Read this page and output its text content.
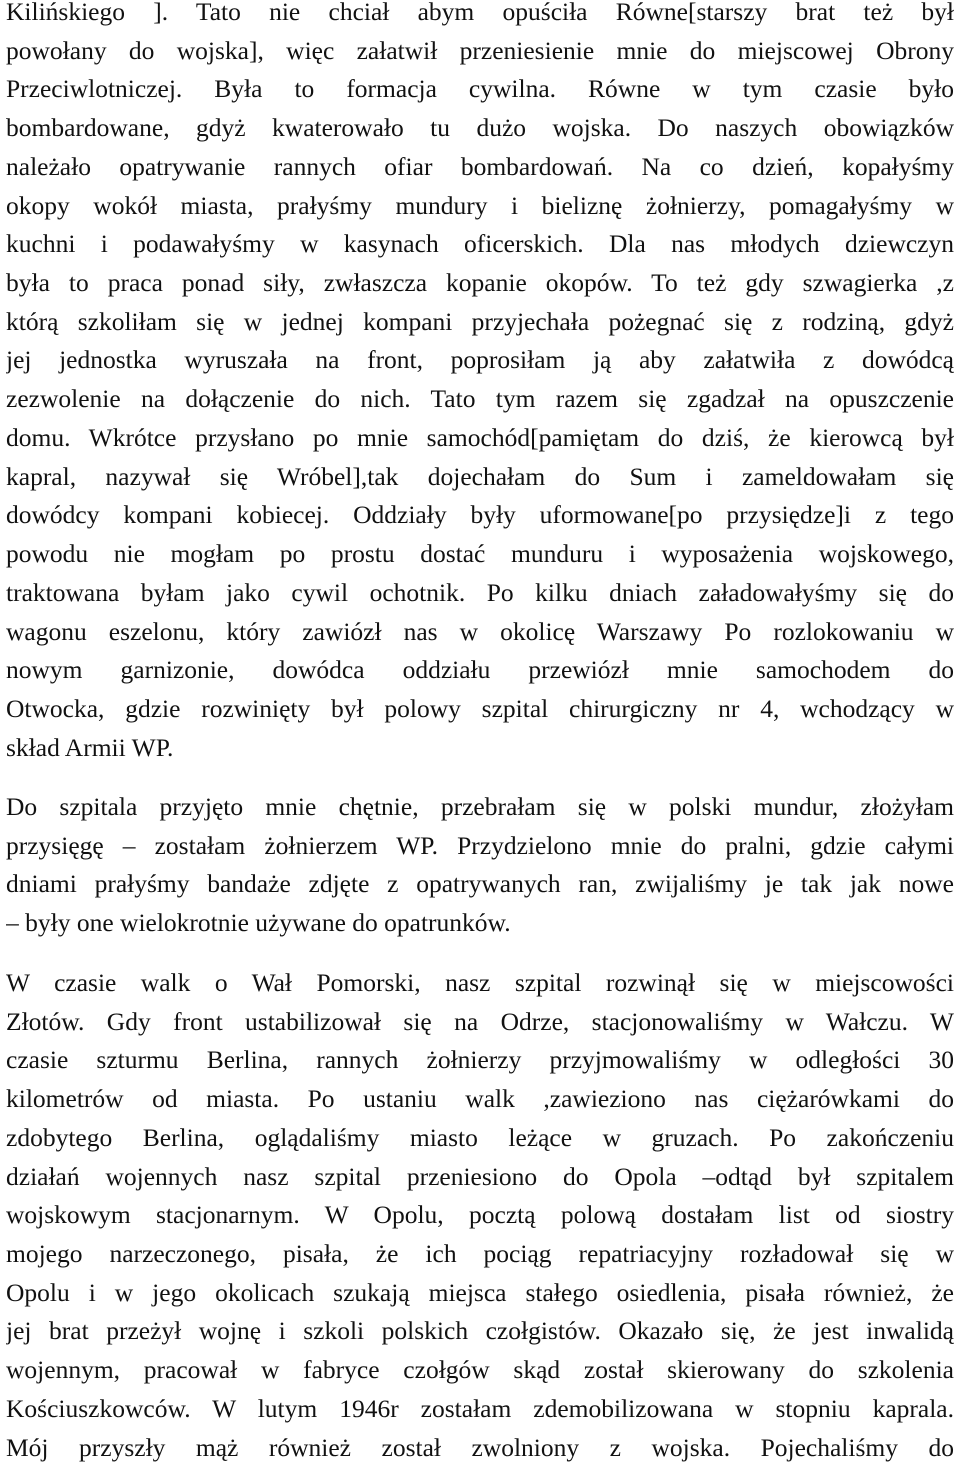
Kilińskiego ]. Tato nie chciał abym opuściła Równe[starszy brat też był
powołany do wojska], więc załatwił przeniesienie mnie do miejscowej Obrony
Przeciwlotniczej. Była to formacja cywilna. Równe w tym czasie było
bombardowane, gdyż kwaterowało tu dużo wojska. Do naszych obowiązków
należało opatrywanie rannych ofiar bombardowań. Na co dzień, kopałyśmy
okopy wokół miasta, prałyśmy mundury i bieliznę żołnierzy, pomagałyśmy w
kuchni i podawałyśmy w kasynach oficerskich. Dla nas młodych dziewczyn
była to praca ponad siły, zwłaszcza kopanie okopów. To też gdy szwagierka ,z
którą szkoliłam się w jednej kompani przyjechała pożegnać się z rodziną, gdyż
jej jednostka wyruszała na front, poprosiłam ją aby załatwiła z dowódcą
zezwolenie na dołączenie do nich. Tato tym razem się zgadzał na opuszczenie
domu. Wkrótce przysłano po mnie samochód[pamiętam do dziś, że kierowcą był
kapral, nazywał się Wróbel],tak dojechałam do Sum i zameldowałam się
dowódcy kompani kobiecej. Oddziały były uformowane[po przysiędze]i z tego
powodu nie mogłam po prostu dostać munduru i wyposażenia wojskowego,
traktowana byłam jako cywil ochotnik. Po kilku dniach załadowałyśmy się do
wagonu eszelonu, który zawiózł nas w okolicę Warszawy Po rozlokowaniu w
nowym garnizonie, dowódca oddziału przewiózł mnie samochodem do
Otwocka, gdzie rozwinięty był polowy szpital chirurgiczny nr 4, wchodzący w
skład Armii WP.
Do szpitala przyjęto mnie chętnie, przebrałam się w polski mundur, złożyłam
przysięgę – zostałam żołnierzem WP. Przydzielono mnie do pralni, gdzie całymi
dniami prałyśmy bandaże zdjęte z opatrywanych ran, zwijaliśmy je tak jak nowe
– były one wielokrotnie używane do opatrunków.
W czasie walk o Wał Pomorski, nasz szpital rozwinął się w miejscowości
Złotów. Gdy front ustabilizował się na Odrze, stacjonowaliśmy w Wałczu. W
czasie szturmu Berlina, rannych żołnierzy przyjmowaliśmy w odległości 30
kilometrów od miasta. Po ustaniu walk ,zawieziono nas ciężarówkami do
zdobytego Berlina, oglądaliśmy miasto leżące w gruzach. Po zakończeniu
działań wojennych nasz szpital przeniesiono do Opola –odtąd był szpitalem
wojskowym stacjonarnym. W Opolu, pocztą polową dostałam list od siostry
mojego narzeczonego, pisała, że ich pociąg repatriacyjny rozładował się w
Opolu i w jego okolicach szukają miejsca stałego osiedlenia, pisała również, że
jej brat przeżył wojnę i szkoli polskich czołgistów. Okazało się, że jest inwalidą
wojennym, pracował w fabryce czołgów skąd został skierowany do szkolenia
Kościuszkowców. W lutym 1946r zostałam zdemobilizowana w stopniu kaprala.
Mój przyszły mąż również został zwolniony z wojska. Pojechaliśmy do
